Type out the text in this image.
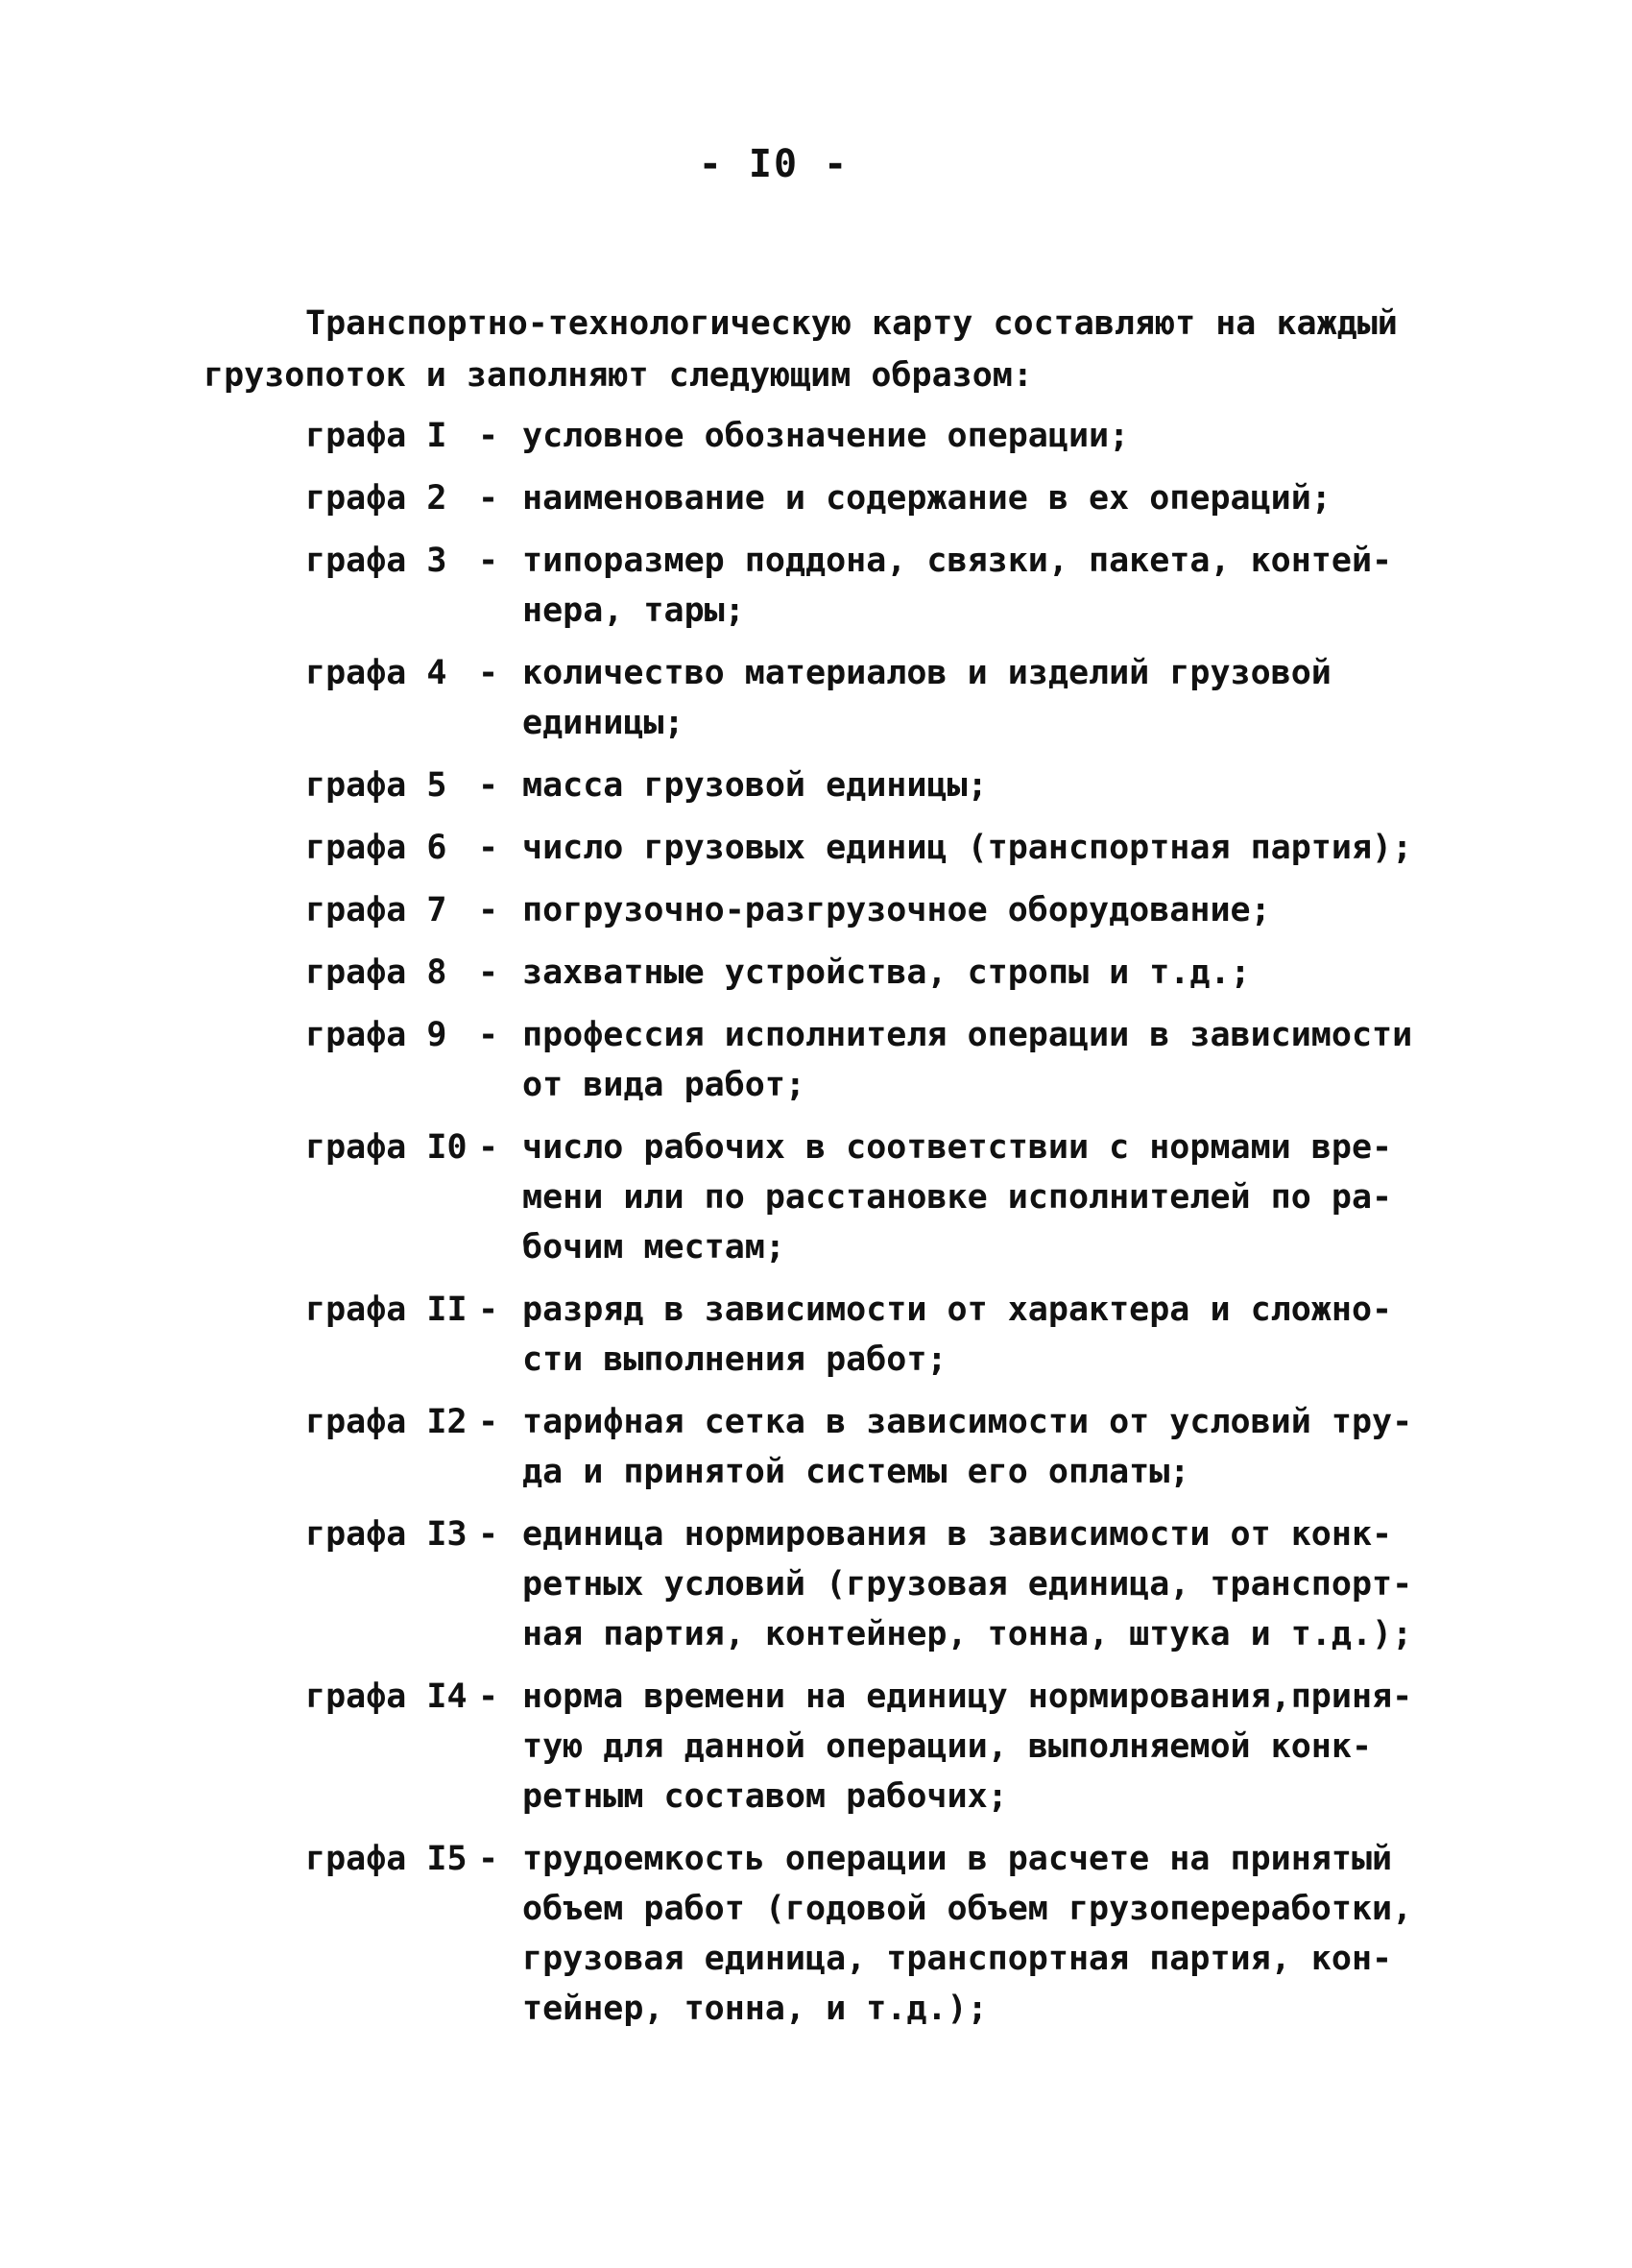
- I0 -
Транспортно-технологическую карту составляют на каждый
грузопоток и заполняют следующим образом:
графа I - условное обозначение операции;
графа 2 - наименование и содержание в ех операций;
графа 3 - типоразмер поддона, связки, пакета, контей-
нера, тары;
графа 4 - количество материалов и изделий грузовой
единицы;
графа 5 - масса грузовой единицы;
графа 6 - число грузовых единиц (транспортная партия);
графа 7 - погрузочно-разгрузочное оборудование;
графа 8 - захватные устройства, стропы и т.д.;
графа 9 - профессия исполнителя операции в зависимости
от вида работ;
графа I0 - число рабочих в соответствии с нормами вре-
мени или по расстановке исполнителей по ра-
бочим местам;
графа II - разряд в зависимости от характера и сложно-
сти выполнения работ;
графа I2 - тарифная сетка в зависимости от условий тру-
да и принятой системы его оплаты;
графа I3 - единица нормирования в зависимости от конк-
ретных условий (грузовая единица, транспорт-
ная партия, контейнер, тонна, штука и т.д.);
графа I4 - норма времени на единицу нормирования,приня-
тую для данной операции, выполняемой конк-
ретным составом рабочих;
графа I5 - трудоемкость операции в расчете на принятый
объем работ (годовой объем грузопереработки,
грузовая единица, транспортная партия, кон-
тейнер, тонна, и т.д.);
